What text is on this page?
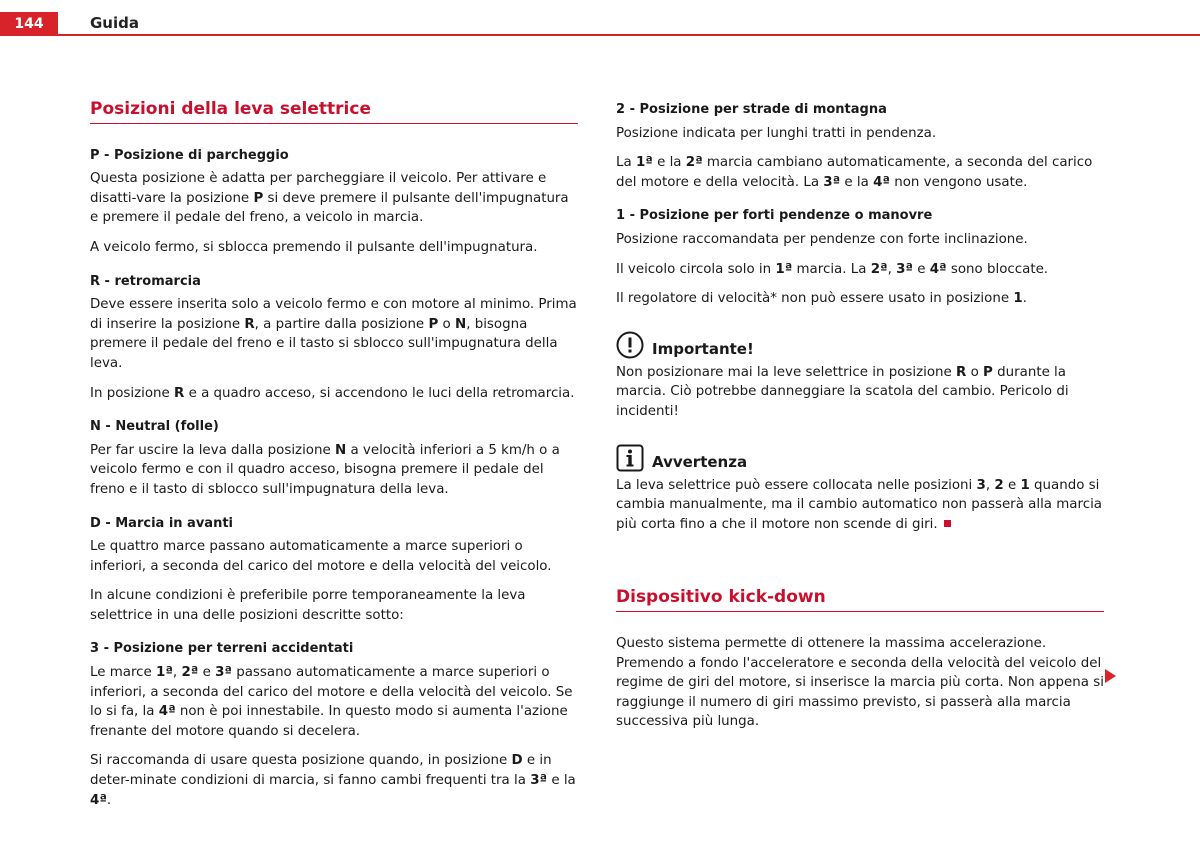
144	Guida
Posizioni della leva selettrice
P - Posizione di parcheggio

Questa posizione è adatta per parcheggiare il veicolo. Per attivare e disatti-vare la posizione P si deve premere il pulsante dell'impugnatura e premere il pedale del freno, a veicolo in marcia.

A veicolo fermo, si sblocca premendo il pulsante dell'impugnatura.

R - retromarcia

Deve essere inserita solo a veicolo fermo e con motore al minimo. Prima di inserire la posizione R, a partire dalla posizione P o N, bisogna premere il pedale del freno e il tasto si sblocco sull'impugnatura della leva.

In posizione R e a quadro acceso, si accendono le luci della retromarcia.

N - Neutral (folle)

Per far uscire la leva dalla posizione N a velocità inferiori a 5 km/h o a veicolo fermo e con il quadro acceso, bisogna premere il pedale del freno e il tasto di sblocco sull'impugnatura della leva.

D - Marcia in avanti

Le quattro marce passano automaticamente a marce superiori o inferiori, a seconda del carico del motore e della velocità del veicolo.

In alcune condizioni è preferibile porre temporaneamente la leva selettrice in una delle posizioni descritte sotto:

3 - Posizione per terreni accidentati

Le marce 1ª, 2ª e 3ª passano automaticamente a marce superiori o inferiori, a seconda del carico del motore e della velocità del veicolo. Se lo si fa, la 4ª non è poi innestabile. In questo modo si aumenta l'azione frenante del motore quando si decelera.

Si raccomanda di usare questa posizione quando, in posizione D e in deter-minate condizioni di marcia, si fanno cambi frequenti tra la 3ª e la 4ª.

2 - Posizione per strade di montagna

Posizione indicata per lunghi tratti in pendenza.

La 1ª e la 2ª marcia cambiano automaticamente, a seconda del carico del motore e della velocità. La 3ª e la 4ª non vengono usate.

1 - Posizione per forti pendenze o manovre

Posizione raccomandata per pendenze con forte inclinazione.

Il veicolo circola solo in 1ª marcia. La 2ª, 3ª e 4ª sono bloccate.

Il regolatore di velocità* non può essere usato in posizione 1.

Importante!

Non posizionare mai la leve selettrice in posizione R o P durante la marcia. Ciò potrebbe danneggiare la scatola del cambio. Pericolo di incidenti!

Avvertenza

La leva selettrice può essere collocata nelle posizioni 3, 2 e 1 quando si cambia manualmente, ma il cambio automatico non passerà alla marcia più corta fino a che il motore non scende di giri.

Dispositivo kick-down

Questo sistema permette di ottenere la massima accelerazione. Premendo a fondo l'acceleratore e seconda della velocità del veicolo del regime de giri del motore, si inserisce la marcia più corta. Non appena si raggiunge il numero di giri massimo previsto, si passerà alla marcia successiva più lunga.
